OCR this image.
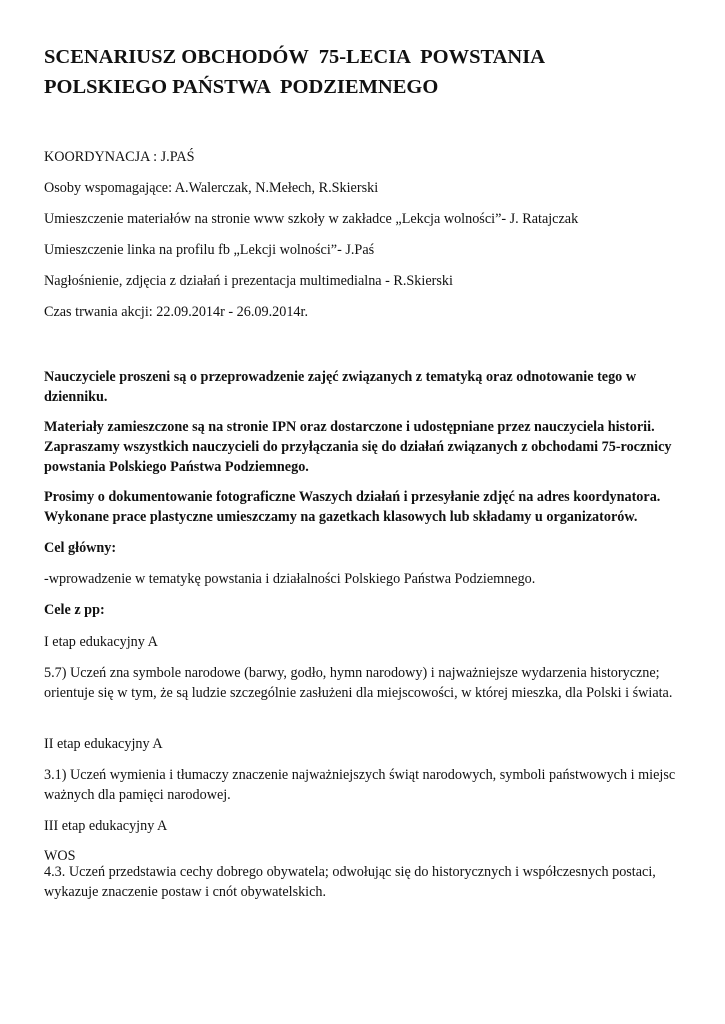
SCENARIUSZ OBCHODÓW  75-LECIA  POWSTANIA
POLSKIEGO PAŃSTWA  PODZIEMNEGO

KOORDYNACJA : J.PAŚ

Osoby wspomagające: A.Walerczak, N.Mełech, R.Skierski

Umieszczenie materiałów na stronie www szkoły w zakładce „Lekcja wolności”- J. Ratajczak

Umieszczenie linka na profilu fb „Lekcji wolności”- J.Paś

Nagłośnienie, zdjęcia z działań i prezentacja multimedialna - R.Skierski

Czas trwania akcji: 22.09.2014r - 26.09.2014r.

Nauczyciele proszeni są o przeprowadzenie zajęć związanych z tematyką oraz odnotowanie tego w dzienniku.

Materiały zamieszczone są na stronie IPN oraz dostarczone i udostępniane przez nauczyciela historii. Zapraszamy wszystkich nauczycieli do przyłączania się do działań związanych z obchodami 75-rocznicy powstania Polskiego Państwa Podziemnego.

Prosimy o dokumentowanie fotograficzne Waszych działań i przesyłanie zdjęć na adres koordynatora. Wykonane prace plastyczne umieszczamy na gazetkach klasowych lub składamy u organizatorów.

Cel główny:

-wprowadzenie w tematykę powstania i działalności Polskiego Państwa Podziemnego.

Cele z pp:

I etap edukacyjny A

5.7) Uczeń zna symbole narodowe (barwy, godło, hymn narodowy) i najważniejsze wydarzenia historyczne; orientuje się w tym, że są ludzie szczególnie zasłużeni dla miejscowości, w której mieszka, dla Polski i świata.

II etap edukacyjny A

3.1) Uczeń wymienia i tłumaczy znaczenie najważniejszych świąt narodowych, symboli państwowych i miejsc ważnych dla pamięci narodowej.

III etap edukacyjny A

WOS

4.3. Uczeń przedstawia cechy dobrego obywatela; odwołując się do historycznych i współczesnych postaci, wykazuje znaczenie postaw i cnót obywatelskich.
